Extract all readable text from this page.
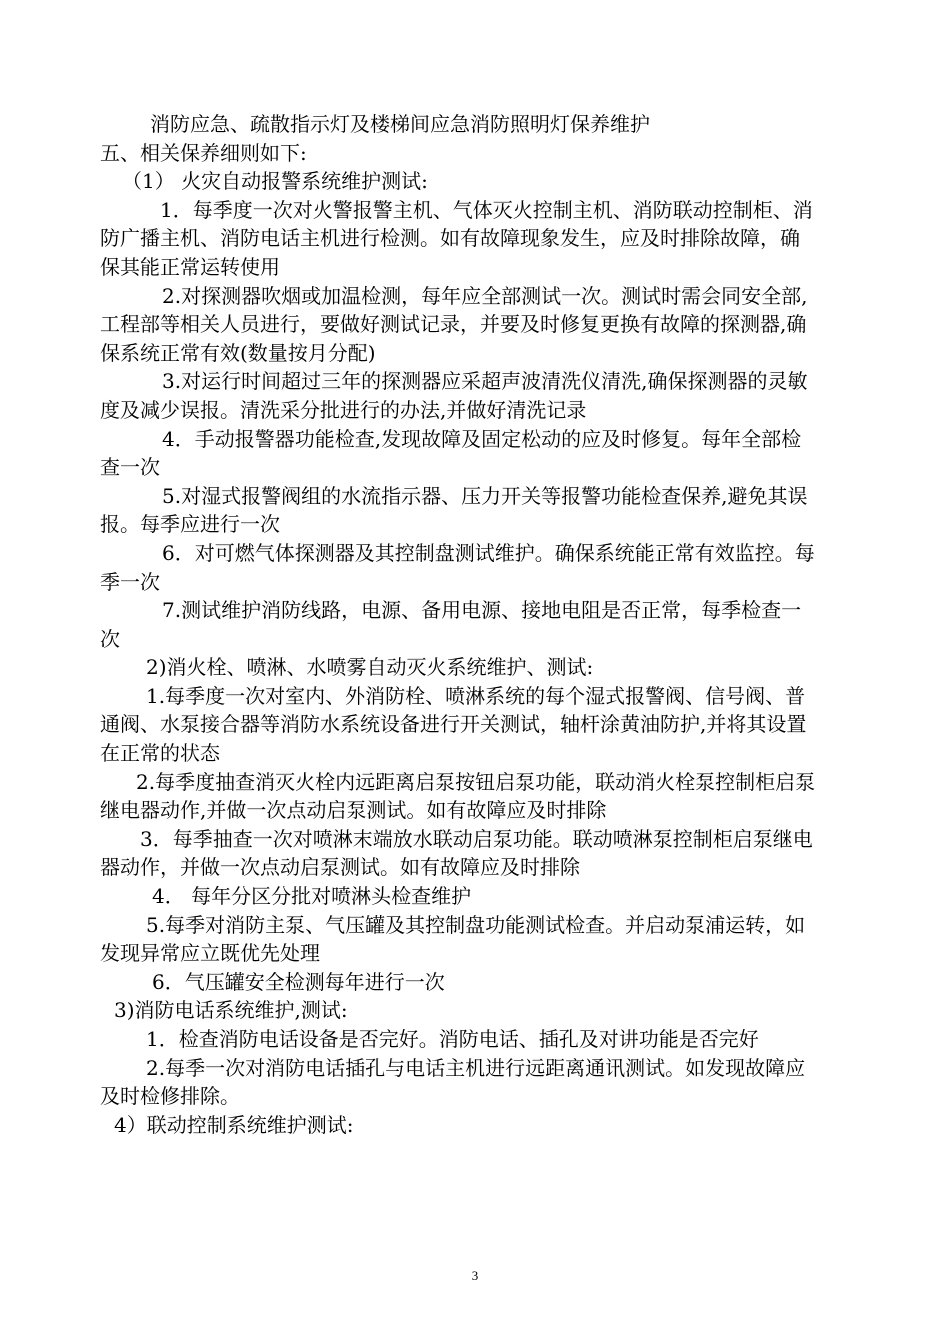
消防应急、疏散指示灯及楼梯间应急消防照明灯保养维护

五、相关保养细则如下:

（1） 火灾自动报警系统维护测试:

1．每季度一次对火警报警主机、气体灭火控制主机、消防联动控制柜、消防广播主机、消防电话主机进行检测。如有故障现象发生，应及时排除故障，确保其能正常运转使用

2.对探测器吹烟或加温检测，每年应全部测试一次。测试时需会同安全部,工程部等相关人员进行，要做好测试记录，并要及时修复更换有故障的探测器,确保系统正常有效(数量按月分配)

3.对运行时间超过三年的探测器应采超声波清洗仪清洗,确保探测器的灵敏度及减少误报。清洗采分批进行的办法,并做好清洗记录

4．手动报警器功能检查,发现故障及固定松动的应及时修复。每年全部检查一次

5.对湿式报警阀组的水流指示器、压力开关等报警功能检查保养,避免其误报。每季应进行一次

6．对可燃气体探测器及其控制盘测试维护。确保系统能正常有效监控。每季一次

7.测试维护消防线路，电源、备用电源、接地电阻是否正常，每季检查一次

2)消火栓、喷淋、水喷雾自动灭火系统维护、测试:

1.每季度一次对室内、外消防栓、喷淋系统的每个湿式报警阀、信号阀、普通阀、水泵接合器等消防水系统设备进行开关测试，轴杆涂黄油防护,并将其设置在正常的状态

2.每季度抽查消灭火栓内远距离启泵按钮启泵功能，联动消火栓泵控制柜启泵继电器动作,并做一次点动启泵测试。如有故障应及时排除

3．每季抽查一次对喷淋末端放水联动启泵功能。联动喷淋泵控制柜启泵继电器动作，并做一次点动启泵测试。如有故障应及时排除

4． 每年分区分批对喷淋头检查维护

5.每季对消防主泵、气压罐及其控制盘功能测试检查。并启动泵浦运转，如发现异常应立既优先处理

6．气压罐安全检测每年进行一次

3)消防电话系统维护,测试:

1．检查消防电话设备是否完好。消防电话、插孔及对讲功能是否完好

2.每季一次对消防电话插孔与电话主机进行远距离通讯测试。如发现故障应及时检修排除。

4）联动控制系统维护测试:

3
